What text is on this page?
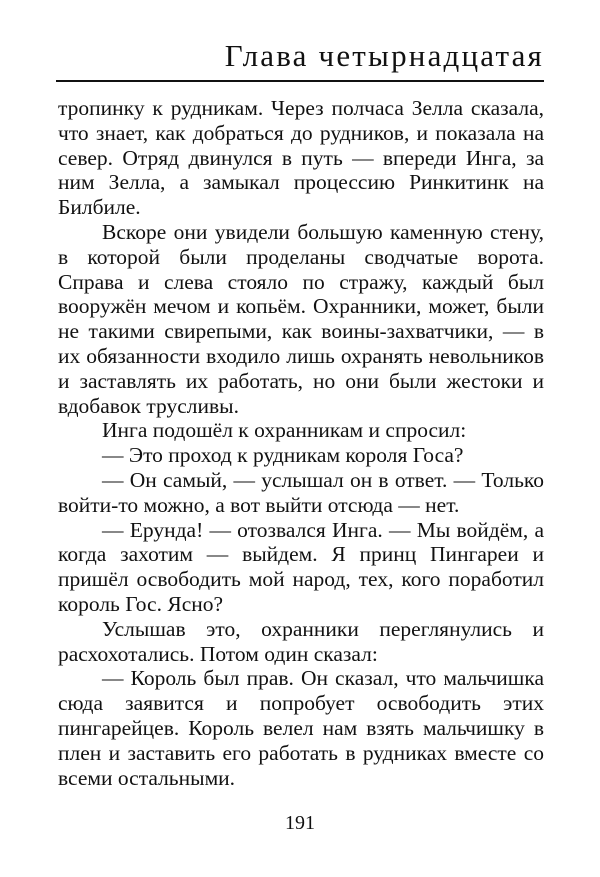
Глава четырнадцатая

тропинку к рудникам. Через полчаса Зелла сказала, что знает, как добраться до рудников, и показала на север. Отряд двинулся в путь — впереди Инга, за ним Зелла, а замыкал процессию Ринкитинк на Билбиле.

Вскоре они увидели большую каменную стену, в которой были проделаны сводчатые ворота. Справа и слева стояло по стражу, каждый был вооружён мечом и копьём. Охранники, может, были не такими свирепыми, как воины-захватчики, — в их обязанности входило лишь охранять невольников и заставлять их работать, но они были жестоки и вдобавок трусливы.

Инга подошёл к охранникам и спросил:

— Это проход к рудникам короля Госа?

— Он самый, — услышал он в ответ. — Только войти-то можно, а вот выйти отсюда — нет.

— Ерунда! — отозвался Инга. — Мы войдём, а когда захотим — выйдем. Я принц Пингареи и пришёл освободить мой народ, тех, кого поработил король Гос. Ясно?

Услышав это, охранники переглянулись и расхохотались. Потом один сказал:

— Король был прав. Он сказал, что мальчишка сюда заявится и попробует освободить этих пингарейцев. Король велел нам взять мальчишку в плен и заставить его работать в рудниках вместе со всеми остальными.

191
